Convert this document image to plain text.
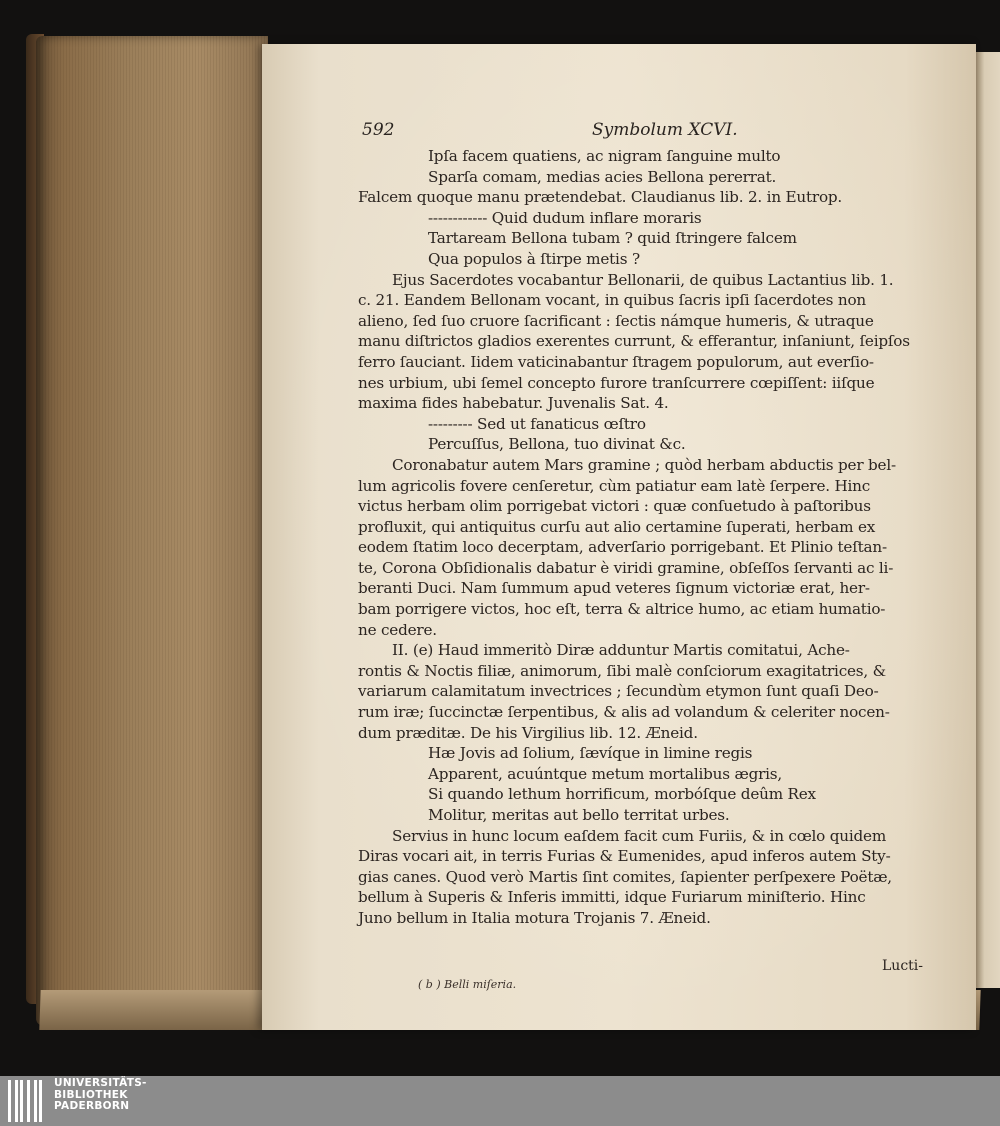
592	Symbolum XCVI.
Ipſa facem quatiens, ac nigram ſanguine multo
Sparſa comam, medias acies Bellona pererrat.
Falcem quoque manu prætendebat. Claudianus lib. 2. in Eutrop.
------------ Quid dudum inflare moraris
Tartaream Bellona tubam ? quid ſtringere falcem
Qua populos à ſtirpe metis ?
Ejus Sacerdotes vocabantur Bellonarii, de quibus Lactantius lib. 1.
c. 21. Eandem Bellonam vocant, in quibus ſacris ipſi ſacerdotes non
alieno, ſed ſuo cruore ſacrificant : ſectis námque humeris, & utraque
manu diſtrictos gladios exerentes currunt, & efferantur, inſaniunt, ſeipſos
ferro ſauciant. Iidem vaticinabantur ſtragem populorum, aut everſio-
nes urbium, ubi ſemel concepto furore tranſcurrere cœpiſſent: iiſque
maxima fides habebatur. Juvenalis Sat. 4.
--------- Sed ut fanaticus œſtro
Percuſſus, Bellona, tuo divinat &c.
Coronabatur autem Mars gramine ; quòd herbam abductis per bel-
lum agricolis fovere cenſeretur, cùm patiatur eam latè ſerpere. Hinc
victus herbam olim porrigebat victori : quæ conſuetudo à paſtoribus
profluxit, qui antiquitus curſu aut alio certamine ſuperati, herbam ex
eodem ſtatim loco decerptam, adverſario porrigebant. Et Plinio teſtan-
te, Corona Obſidionalis dabatur è viridi gramine, obſeſſos ſervanti ac li-
beranti Duci. Nam ſummum apud veteres ſignum victoriæ erat, her-
bam porrigere victos, hoc eſt, terra & altrice humo, ac etiam humatio-
ne cedere.
II. (e) Haud immeritò Diræ adduntur Martis comitatui, Ache-
rontis & Noctis filiæ, animorum, ſibi malè conſciorum exagitatrices, &
variarum calamitatum invectrices ; ſecundùm etymon ſunt quaſi Deo-
rum iræ; ſuccinctæ ſerpentibus, & alis ad volandum & celeriter nocen-
dum præditæ. De his Virgilius lib. 12. Æneid.
Hæ Jovis ad ſolium, ſævíque in limine regis
Apparent, acuúntque metum mortalibus ægris,
Si quando lethum horrificum, morbóſque deûm Rex
Molitur, meritas aut bello territat urbes.
Servius in hunc locum eaſdem facit cum Furiis, & in cœlo quidem
Diras vocari ait, in terris Furias & Eumenides, apud inferos autem Sty-
gias canes. Quod verò Martis ſint comites, ſapienter perſpexere Poëtæ,
bellum à Superis & Inferis immitti, idque Furiarum miniſterio. Hinc
Juno bellum in Italia motura Trojanis 7. Æneid.
Lucti-
( b ) Belli miſeria.
UNIVERSITÄTS-
BIBLIOTHEK
PADERBORN
